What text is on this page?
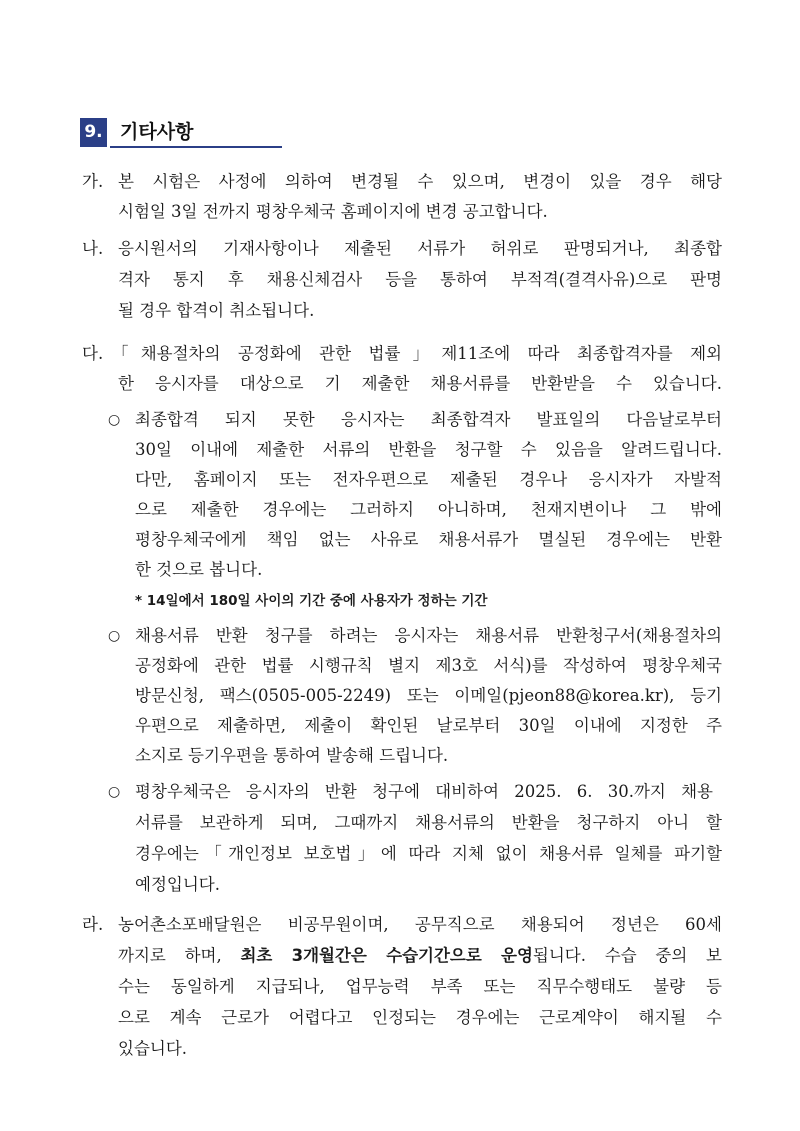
9. 기타사항
가. 본 시험은 사정에 의하여 변경될 수 있으며, 변경이 있을 경우 해당
시험일 3일 전까지 평창우체국 홈페이지에 변경 공고합니다.
나. 응시원서의 기재사항이나 제출된 서류가 허위로 판명되거나, 최종합
격자 통지 후 채용신체검사 등을 통하여 부적격(결격사유)으로 판명
될 경우 합격이 취소됩니다.
다. 「채용절차의 공정화에 관한 법률」제11조에 따라 최종합격자를 제외
한 응시자를 대상으로 기 제출한 채용서류를 반환받을 수 있습니다.
○ 최종합격 되지 못한 응시자는 최종합격자 발표일의 다음날로부터
30일 이내에 제출한 서류의 반환을 청구할 수 있음을 알려드립니다.
다만, 홈페이지 또는 전자우편으로 제출된 경우나 응시자가 자발적
으로 제출한 경우에는 그러하지 아니하며, 천재지변이나 그 밖에
평창우체국에게 책임 없는 사유로 채용서류가 멸실된 경우에는 반환
한 것으로 봅니다.
* 14일에서 180일 사이의 기간 중에 사용자가 정하는 기간
○ 채용서류 반환 청구를 하려는 응시자는 채용서류 반환청구서(채용절차의
공정화에 관한 법률 시행규칙 별지 제3호 서식)를 작성하여 평창우체국
방문신청, 팩스(0505-005-2249) 또는 이메일(pjeon88@korea.kr), 등기
우편으로 제출하면, 제출이 확인된 날로부터 30일 이내에 지정한 주
소지로 등기우편을 통하여 발송해 드립니다.
○ 평창우체국은 응시자의 반환 청구에 대비하여 2025. 6. 30.까지 채용
서류를 보관하게 되며, 그때까지 채용서류의 반환을 청구하지 아니 할
경우에는「개인정보 보호법」에 따라 지체 없이 채용서류 일체를 파기할
예정입니다.
라. 농어촌소포배달원은 비공무원이며, 공무직으로 채용되어 정년은 60세
까지로 하며, 최초 3개월간은 수습기간으로 운영됩니다. 수습 중의 보
수는 동일하게 지급되나, 업무능력 부족 또는 직무수행태도 불량 등
으로 계속 근로가 어렵다고 인정되는 경우에는 근로계약이 해지될 수
있습니다.
